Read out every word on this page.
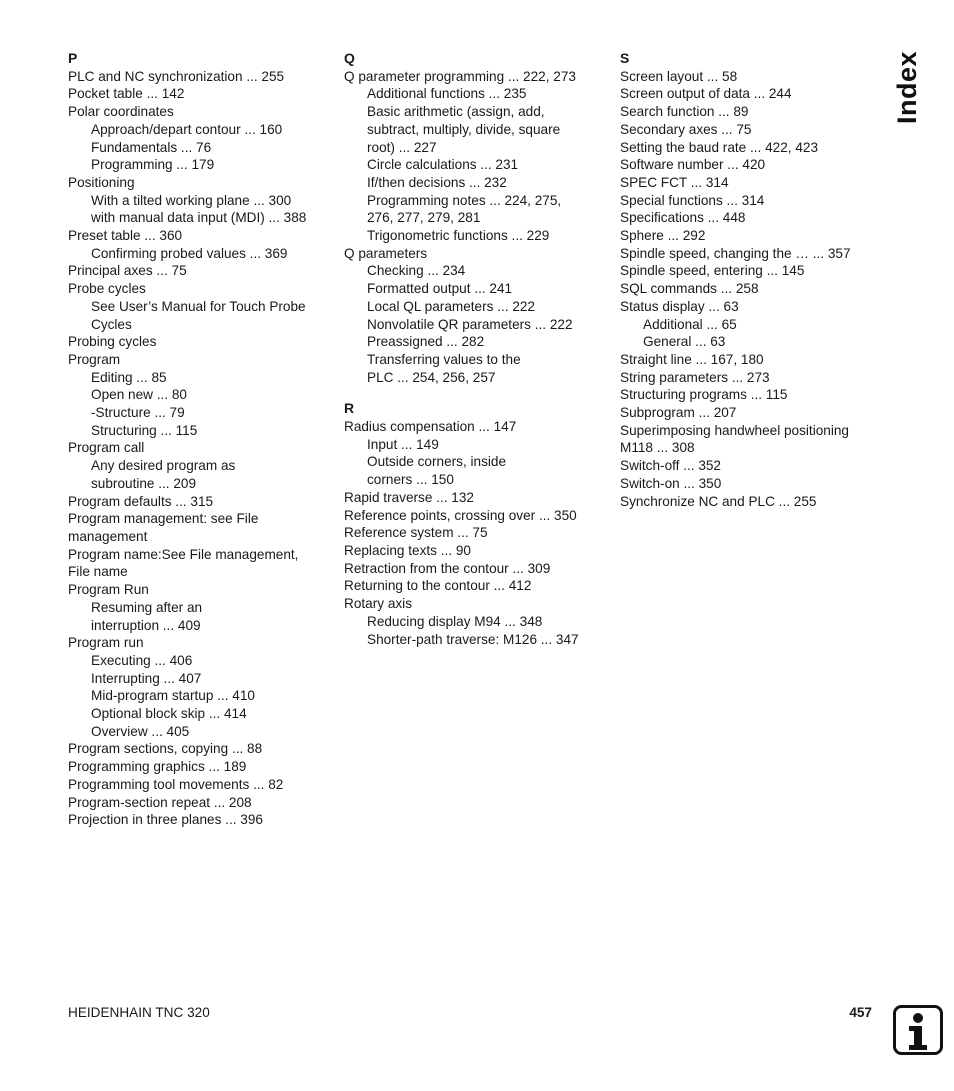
P
PLC and NC synchronization ... 255
Pocket table ... 142
Polar coordinates
Approach/depart contour ... 160
Fundamentals ... 76
Programming ... 179
Positioning
With a tilted working plane ... 300
with manual data input (MDI) ... 388
Preset table ... 360
Confirming probed values ... 369
Principal axes ... 75
Probe cycles
See User’s Manual for Touch Probe
Cycles
Probing cycles
Program
Editing ... 85
Open new ... 80
-Structure ... 79
Structuring ... 115
Program call
Any desired program as
subroutine ... 209
Program defaults ... 315
Program management: see File
management
Program name:See File management,
File name
Program Run
Resuming after an
interruption ... 409
Program run
Executing ... 406
Interrupting ... 407
Mid-program startup ... 410
Optional block skip ... 414
Overview ... 405
Program sections, copying ... 88
Programming graphics ... 189
Programming tool movements ... 82
Program-section repeat ... 208
Projection in three planes ... 396
Q
Q parameter programming ... 222, 273
Additional functions ... 235
Basic arithmetic (assign, add,
subtract, multiply, divide, square
root) ... 227
Circle calculations ... 231
If/then decisions ... 232
Programming notes ... 224, 275,
276, 277, 279, 281
Trigonometric functions ... 229
Q parameters
Checking ... 234
Formatted output ... 241
Local QL parameters ... 222
Nonvolatile QR parameters ... 222
Preassigned ... 282
Transferring values to the
PLC ... 254, 256, 257
R
Radius compensation ... 147
Input ... 149
Outside corners, inside
corners ... 150
Rapid traverse ... 132
Reference points, crossing over ... 350
Reference system ... 75
Replacing texts ... 90
Retraction from the contour ... 309
Returning to the contour ... 412
Rotary axis
Reducing display M94 ... 348
Shorter-path traverse: M126 ... 347
S
Screen layout ... 58
Screen output of data ... 244
Search function ... 89
Secondary axes ... 75
Setting the baud rate ... 422, 423
Software number ... 420
SPEC FCT ... 314
Special functions ... 314
Specifications ... 448
Sphere ... 292
Spindle speed, changing the … ... 357
Spindle speed, entering ... 145
SQL commands ... 258
Status display ... 63
Additional ... 65
General ... 63
Straight line ... 167, 180
String parameters ... 273
Structuring programs ... 115
Subprogram ... 207
Superimposing handwheel positioning
M118 ... 308
Switch-off ... 352
Switch-on ... 350
Synchronize NC and PLC ... 255
Index
HEIDENHAIN TNC 320	457
